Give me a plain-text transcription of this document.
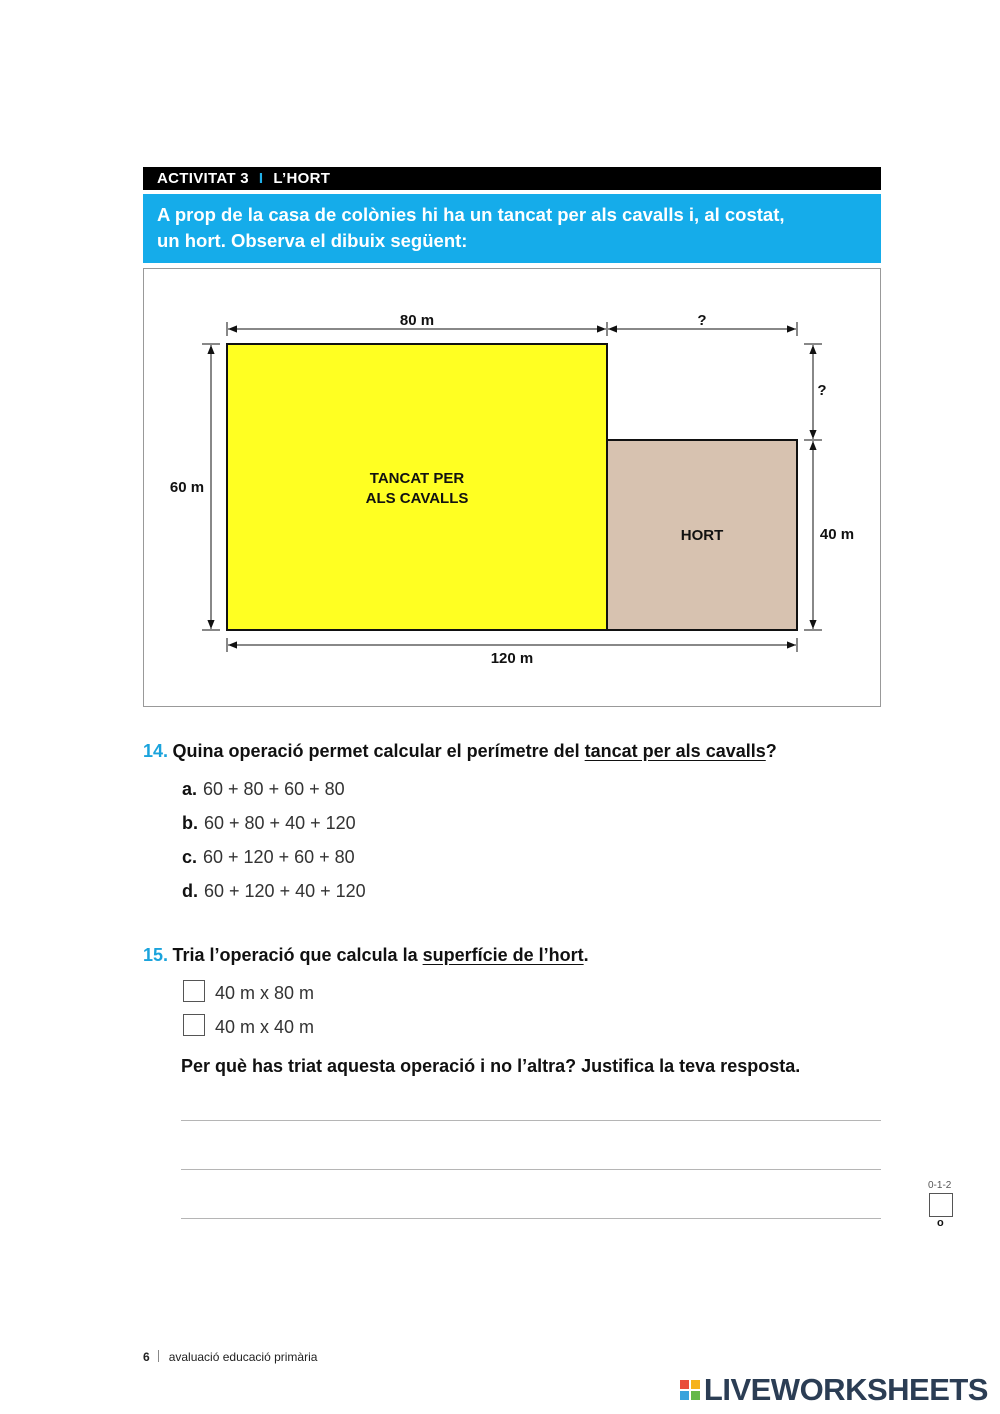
ACTIVITAT 3 I L’HORT
A prop de la casa de colònies hi ha un tancat per als cavalls i, al costat,
un hort. Observa el dibuix següent:
80 m	?
?
60 m
40 m
120 m
TANCAT PER
ALS CAVALLS
HORT
14. Quina operació permet calcular el perímetre del tancat per als cavalls?
a. 60 + 80 + 60 + 80
b. 60 + 80 + 40 + 120
c. 60 + 120 + 60 + 80
d. 60 + 120 + 40 + 120
15. Tria l’operació que calcula la superfície de l’hort.
40 m x 80 m
40 m x 40 m
Per què has triat aquesta operació i no l’altra? Justifica la teva resposta.
0-1-2
o
6 avaluació educació primària
LIVEWORKSHEETS
